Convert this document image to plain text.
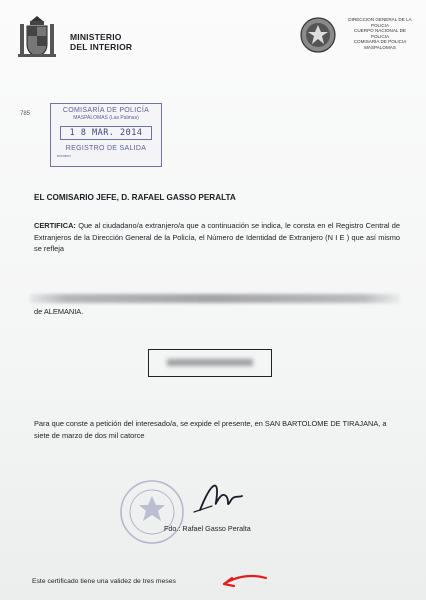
MINISTERIO
DEL INTERIOR
DIRECCION GENERAL DE LA
POLICIA
CUERPO NACIONAL DE
POLICIA
COMISARIA DE POLICIA
MASPALOMAS
785	COMISARÍA DE POLICÍA
MASPALOMAS (Las Palmas)
1 8 MAR. 2014
REGISTRO DE SALIDA
número
EL COMISARIO JEFE, D. RAFAEL GASSO PERALTA
CERTIFICA: Que al ciudadano/a extranjero/a que a continuación se indica, le consta en el Registro Central de Extranjeros de la Dirección General de la Policía, el Número de Identidad de Extranjero (N I E ) que así mismo se refleja
de ALEMANIA.
Para que conste a petición del interesado/a, se expide el presente, en SAN BARTOLOME DE TIRAJANA, a siete de marzo de dos mil catorce
Fdo.: Rafael Gasso Peralta
Este certificado tiene una validez de tres meses
